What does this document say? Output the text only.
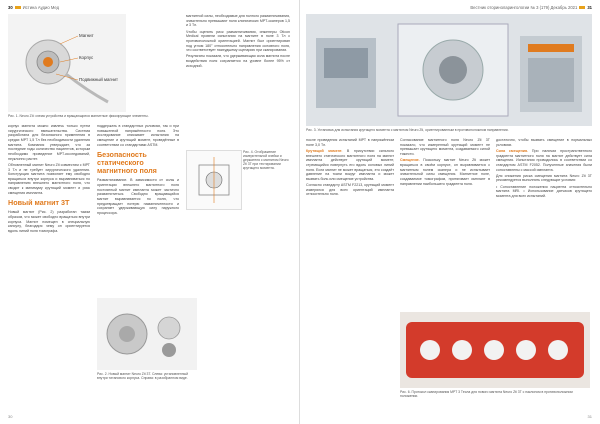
30 Истина Аудио Мед
Магнит
Корпус
Подвижный магнит
Рис. 1. Neuro Zti: схема устройства и вращающиеся магнитные фиксирующие элементы.

корпус магнита можно извлечь только путем хирургического вмешательства. Система разработана для безопасного применения в средах МРТ 1,5 Тл без необходимости удаления магнита. Компания утверждает, что за последние годы количество пациентов, которым необходимо проведение МРТ-исследований, неуклонно растет.

Обновленный магнит Neuro Zti совместим с МРТ 3 Тл и не требует хирургического удаления. Конструкция магнита позволяет ему свободно вращаться внутри корпуса и выравниваться по направлению внешнего магнитного поля, что сводит к минимуму крутящий момент и риск смещения импланта.

Новый магнит 3Т

Новый магнит (Рис. 2) разработан таким образом, что может свободно вращаться внутри корпуса. Магнит помещен в специальную капсулу, благодаря чему он ориентируется вдоль линий поля томографа.

поддержать в стандартных условиях, так и при повышенной напряжённости поля. Это исследование описывает испытания на смещение и крутящий момент, проведённые в соответствии со стандартами ASTM.

Безопасность статического магнитного поля

Размагничивание. В зависимости от силы и ориентации внешнего магнитного поля постоянный магнит импланта может частично размагнититься. Свободно вращающийся магнит выравнивается по полю, что предотвращает потерю намагниченности и сохраняет удерживающую силу наружного процессора.

Рис. 2. Новый магнит Neuro Zti 3T. Слева: установленный внутри титанового корпуса. Справа: в разобранном виде.

магнитной силы, необходимые для полного размагничивания, значительно превышают поля клинических МРТ-сканеров 1,5 и 3 Тл.

Чтобы оценить риск размагничивания, инженеры Oticon Medical провели испытания на магните в поле 3 Тл с противоположной ориентацией. Магнит был ориентирован под углом 180° относительно направления основного поля, что соответствует наихудшему сценарию при сканировании.

Результаты показали, что удерживающая сила магнита после воздействия поля сохраняется на уровне более 95% от исходной.

Рис. 4. Отображение измерительной ячейки и держателя с магнитом Neuro Zti 3T при тестировании крутящего момента.
30
Вестник оториноларингологии № 3 (179) Декабрь 2021 31
Рис. 3. Установка для испытания крутящего момента с магнитом Neuro Zti, ориентированным в противоположном направлении.

после проведения испытаний МРТ в напряжённом поле 3,0 Тл.

Крутящий момент. В присутствии сильного внешнего статического магнитного поля на магнит импланта действует крутящий момент, стремящийся повернуть его вдоль силовых линий поля. Если магнит не может вращаться, это создаёт давление на ткани вокруг импланта и может вызвать боль или смещение устройства.

Согласно стандарту ASTM F2213, крутящий момент измерялся для всех ориентаций импланта относительно поля.

Согласование магнитного поля Neuro Zti 3T показало, что измеренный крутящий момент не превышает крутящего момента, создаваемого силой тяжести.

Смещение. Поскольку магнит Neuro Zti может вращаться в своём корпусе, он выравнивается с магнитным полем сканера и не испытывает значительной силы смещения. Магнитное поле, создаваемое томографом, притягивает имплант в направлении наибольшего градиента поля.

Рис. 6. Протокол сканирования МРТ 3 Тесла для нового магнита Neuro Zti 3T с наклоном в противоположном положении.

достаточно, чтобы вызвать смещение в нормальных условиях.

Сила смещения. При наличии пространственного градиента магнитного поля на магнит действует сила смещения. Испытания проводились в соответствии со стандартом ASTM F2052. Полученные значения были сопоставлены с массой импланта.

Для снижения риска смещения магнита Neuro Zti 3T рекомендуется выполнять следующие условия:

• Сопоставление положения пациента относительно магнита MRI. • Использование датчиков крутящего момента для всех испытаний.

31
